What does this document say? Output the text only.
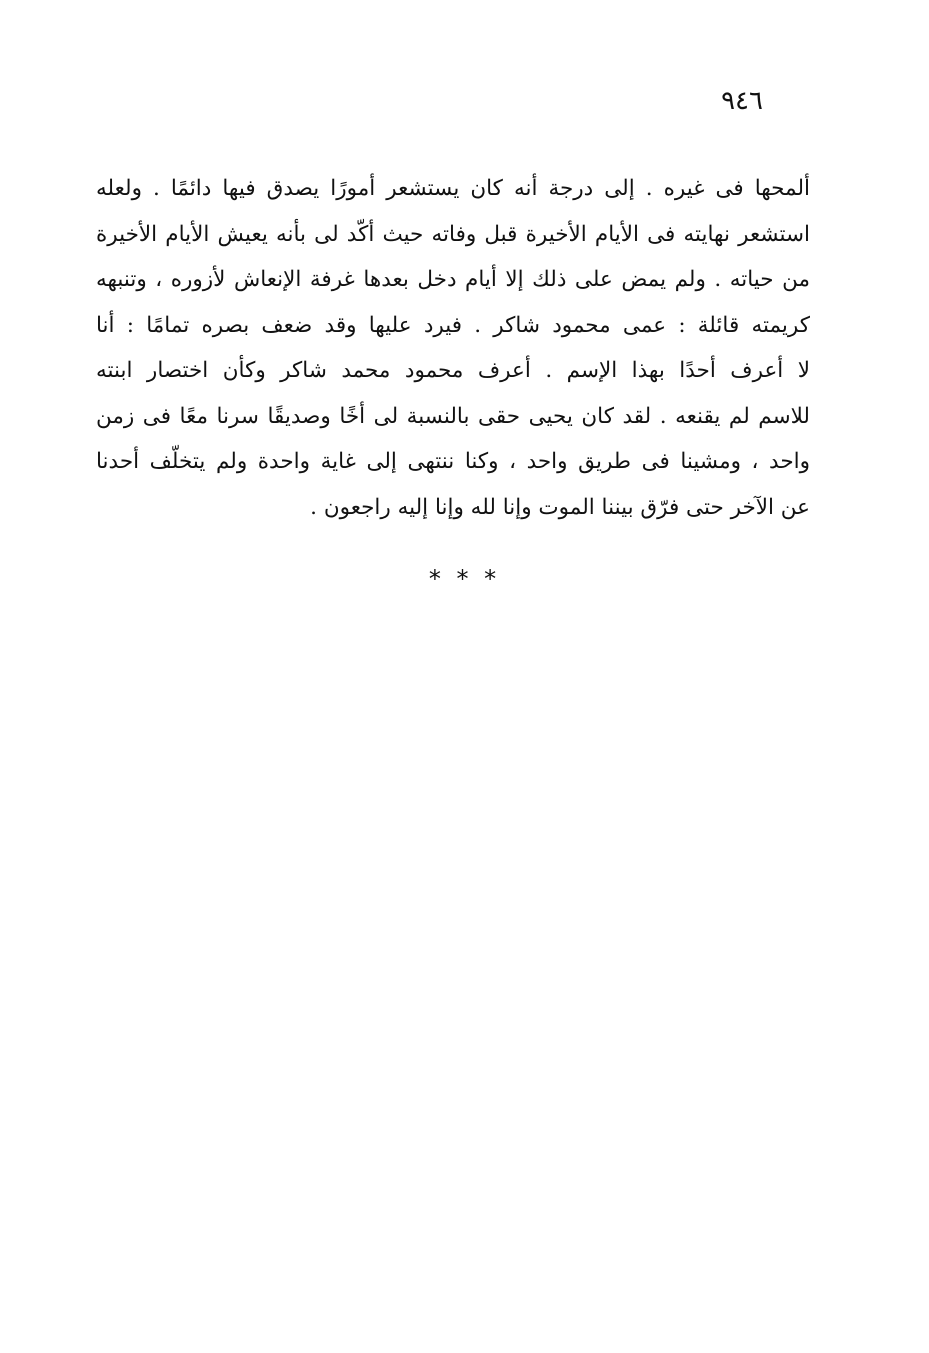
٩٤٦
ألمحها فى غيره . إلى درجة أنه كان يستشعر أمورًا يصدق فيها دائمًا . ولعله
استشعر نهايته فى الأيام الأخيرة قبل وفاته حيث أكّد لى بأنه يعيش الأيام الأخيرة
من حياته . ولم يمض على ذلك إلا أيام دخل بعدها غرفة الإنعاش لأزوره ، وتنبهه
كريمته قائلة : عمى محمود شاكر . فيرد عليها وقد ضعف بصره تمامًا : أنا
لا أعرف أحدًا بهذا الإسم . أعرف محمود محمد شاكر وكأن اختصار ابنته
للاسم لم يقنعه . لقد كان يحيى حقى بالنسبة لى أخًا وصديقًا سرنا معًا فى زمن
واحد ، ومشينا فى طريق واحد ، وكنا ننتهى إلى غاية واحدة ولم يتخلّف أحدنا
عن الآخر حتى فرّق بيننا الموت وإنا لله وإنا إليه راجعون .
* * *
